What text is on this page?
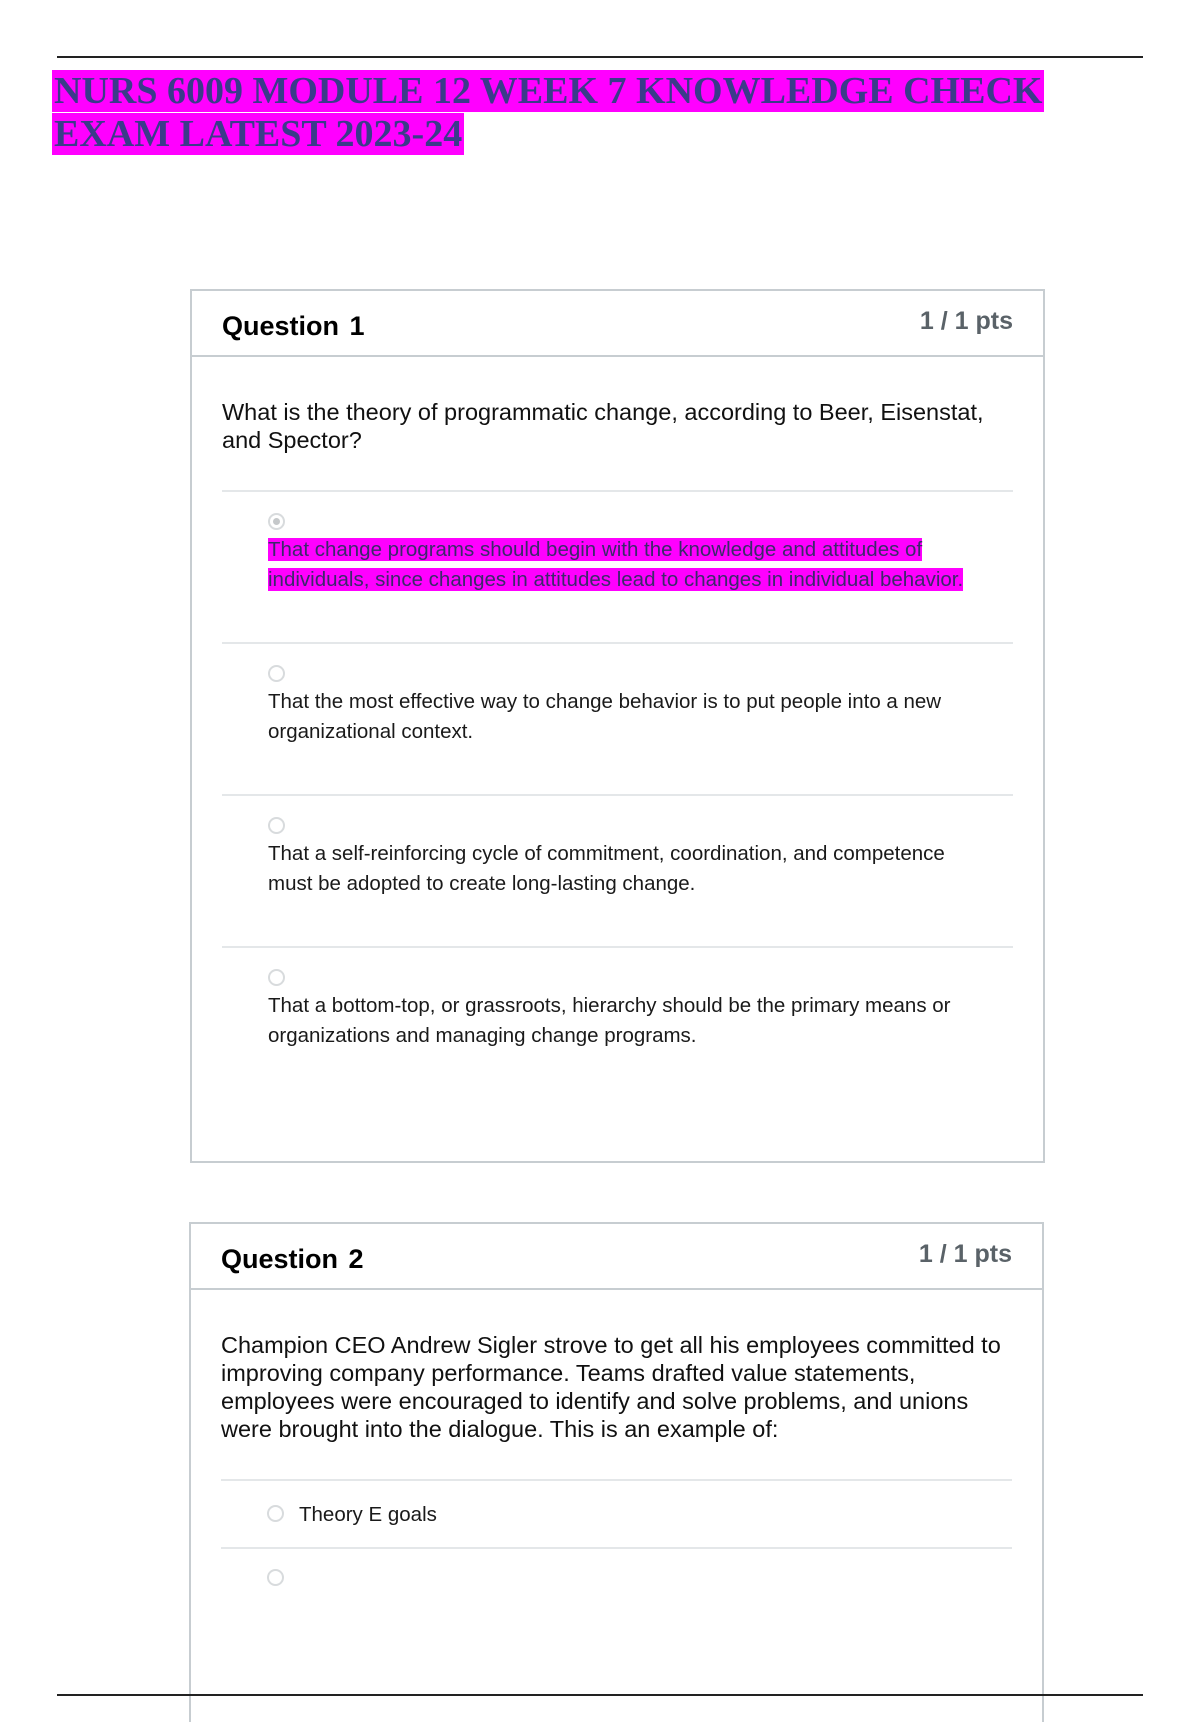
NURS 6009 MODULE 12 WEEK 7 KNOWLEDGE CHECK EXAM LATEST 2023-24
Question 1	1 / 1 pts

What is the theory of programmatic change, according to Beer, Eisenstat, and Spector?

That change programs should begin with the knowledge and attitudes of individuals, since changes in attitudes lead to changes in individual behavior.
That the most effective way to change behavior is to put people into a new organizational context.
That a self-reinforcing cycle of commitment, coordination, and competence must be adopted to create long-lasting change.
That a bottom-top, or grassroots, hierarchy should be the primary means or organizations and managing change programs.
Question 2	1 / 1 pts

Champion CEO Andrew Sigler strove to get all his employees committed to improving company performance. Teams drafted value statements, employees were encouraged to identify and solve problems, and unions were brought into the dialogue. This is an example of:

Theory E goals
